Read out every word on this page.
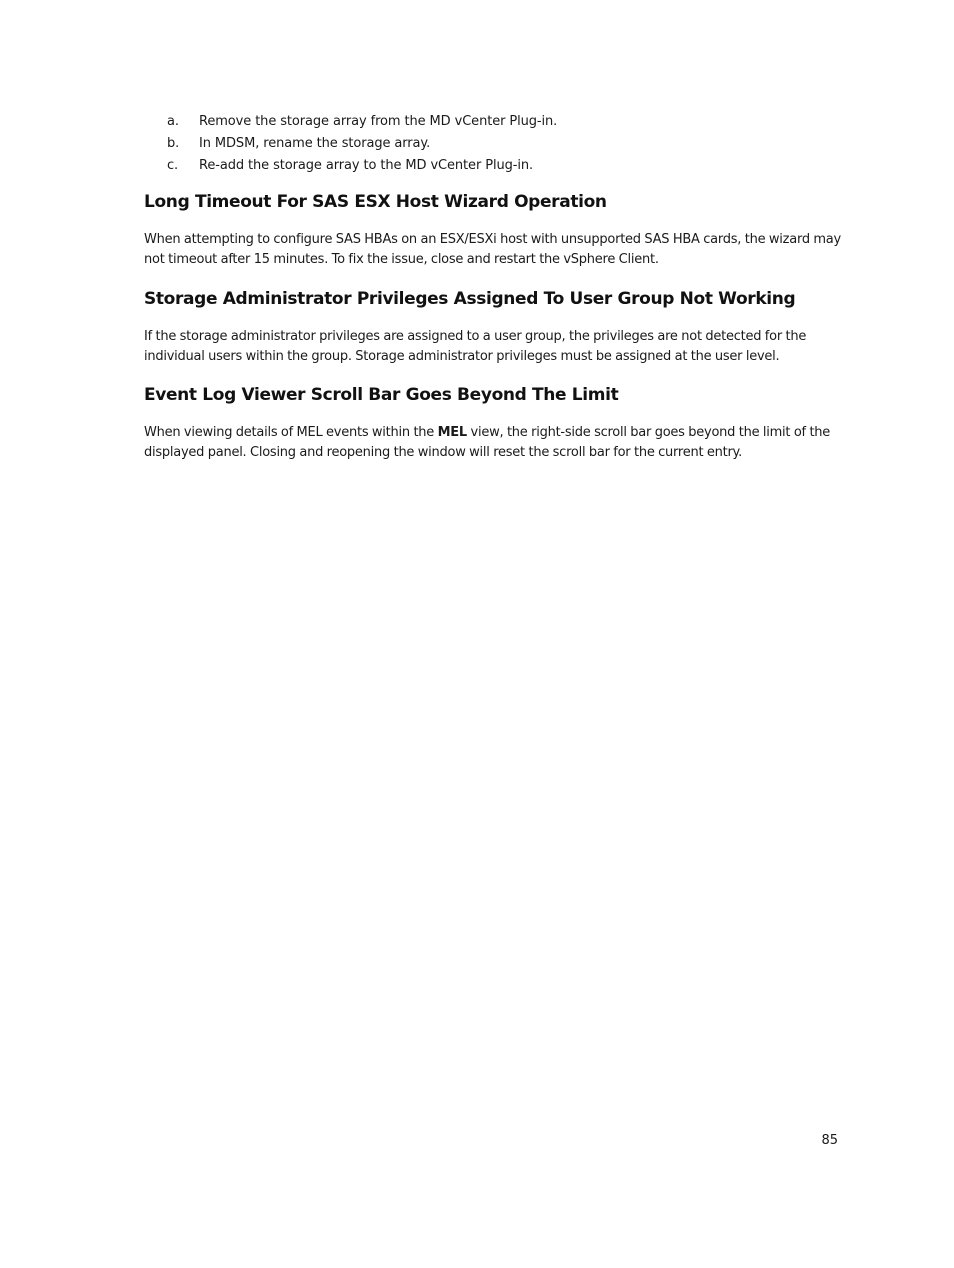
a. Remove the storage array from the MD vCenter Plug-in.
b. In MDSM, rename the storage array.
c. Re-add the storage array to the MD vCenter Plug-in.
Long Timeout For SAS ESX Host Wizard Operation

When attempting to configure SAS HBAs on an ESX/ESXi host with unsupported SAS HBA cards, the wizard may not timeout after 15 minutes. To fix the issue, close and restart the vSphere Client.

Storage Administrator Privileges Assigned To User Group Not Working

If the storage administrator privileges are assigned to a user group, the privileges are not detected for the individual users within the group. Storage administrator privileges must be assigned at the user level.

Event Log Viewer Scroll Bar Goes Beyond The Limit

When viewing details of MEL events within the MEL view, the right-side scroll bar goes beyond the limit of the displayed panel. Closing and reopening the window will reset the scroll bar for the current entry.

85
